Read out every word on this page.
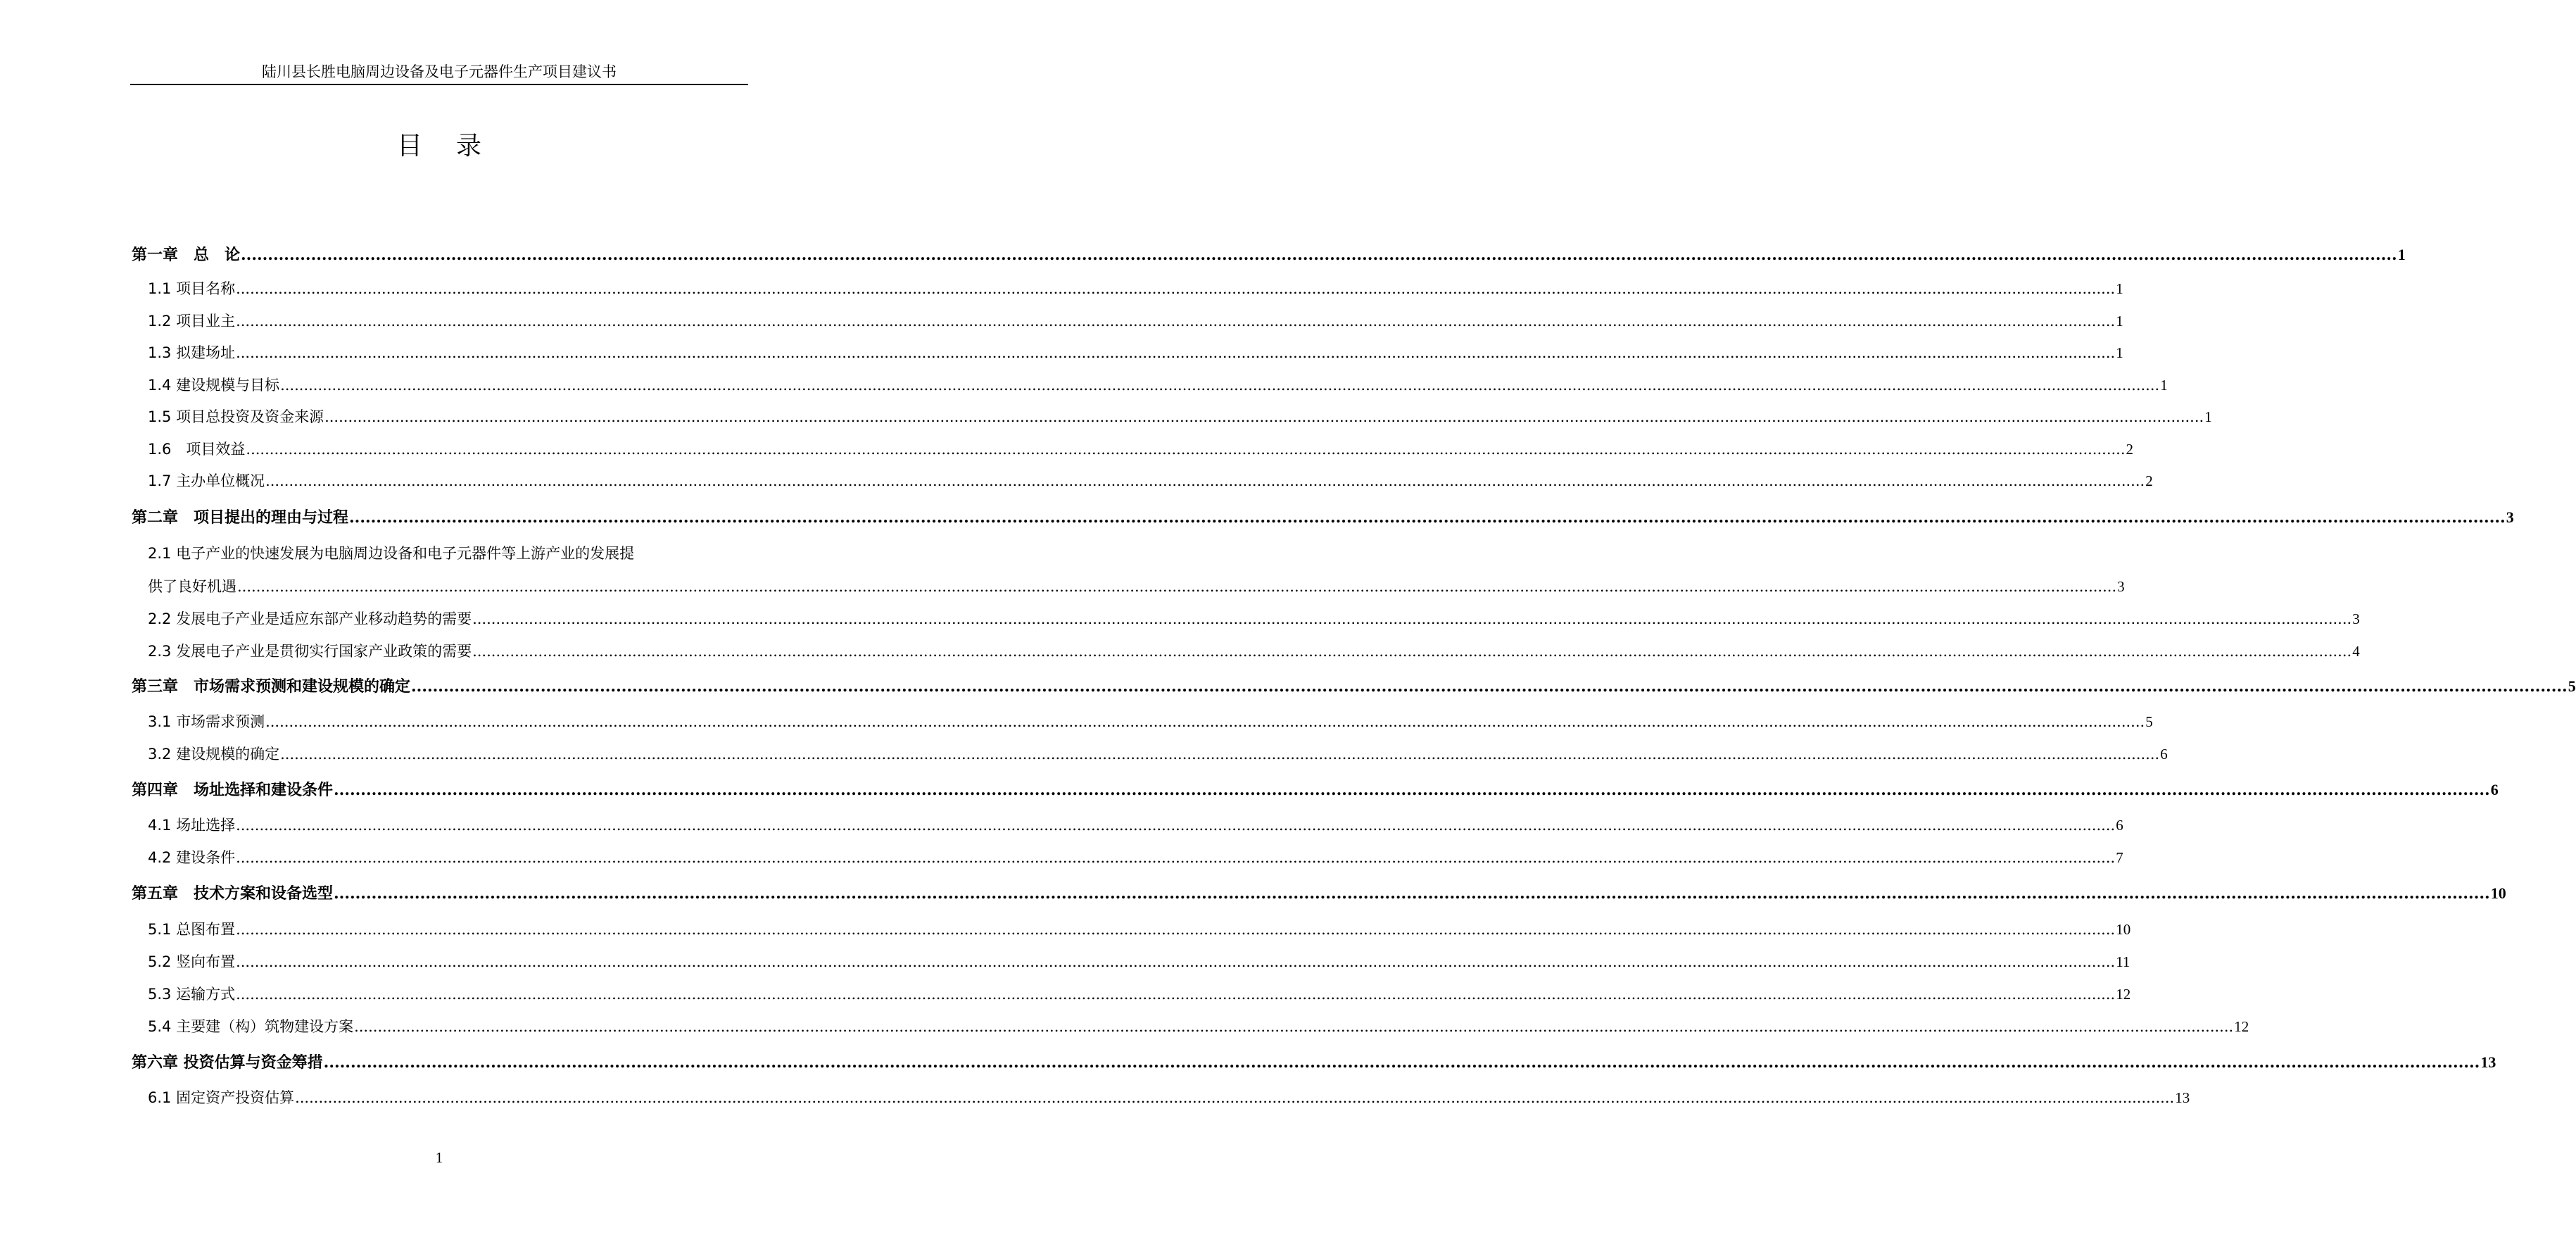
陆川县长胜电脑周边设备及电子元器件生产项目建议书
目录
第一章　总　论 ................................................................................................................................................................................................................................................................................................................................................................................................................ 1
1.1 项目名称 ................................................................................................................................................................................................................................................................................................................................................................................................................ 1
1.2 项目业主 ................................................................................................................................................................................................................................................................................................................................................................................................................ 1
1.3 拟建场址 ................................................................................................................................................................................................................................................................................................................................................................................................................ 1
1.4 建设规模与目标 ................................................................................................................................................................................................................................................................................................................................................................................................................ 1
1.5 项目总投资及资金来源 ................................................................................................................................................................................................................................................................................................................................................................................................................ 1
1.6　项目效益 ................................................................................................................................................................................................................................................................................................................................................................................................................ 2
1.7 主办单位概况 ................................................................................................................................................................................................................................................................................................................................................................................................................ 2
第二章　项目提出的理由与过程 ................................................................................................................................................................................................................................................................................................................................................................................................................ 3
2.1 电子产业的快速发展为电脑周边设备和电子元器件等上游产业的发展提
供了良好机遇 ................................................................................................................................................................................................................................................................................................................................................................................................................ 3
2.2 发展电子产业是适应东部产业移动趋势的需要 ................................................................................................................................................................................................................................................................................................................................................................................................................ 3
2.3 发展电子产业是贯彻实行国家产业政策的需要 ................................................................................................................................................................................................................................................................................................................................................................................................................ 4
第三章　市场需求预测和建设规模的确定 ................................................................................................................................................................................................................................................................................................................................................................................................................ 5
3.1 市场需求预测 ................................................................................................................................................................................................................................................................................................................................................................................................................ 5
3.2 建设规模的确定 ................................................................................................................................................................................................................................................................................................................................................................................................................ 6
第四章　场址选择和建设条件 ................................................................................................................................................................................................................................................................................................................................................................................................................ 6
4.1 场址选择 ................................................................................................................................................................................................................................................................................................................................................................................................................ 6
4.2 建设条件 ................................................................................................................................................................................................................................................................................................................................................................................................................ 7
第五章　技术方案和设备选型 ................................................................................................................................................................................................................................................................................................................................................................................................................ 10
5.1 总图布置 ................................................................................................................................................................................................................................................................................................................................................................................................................ 10
5.2 竖向布置 ................................................................................................................................................................................................................................................................................................................................................................................................................ 11
5.3 运输方式 ................................................................................................................................................................................................................................................................................................................................................................................................................ 12
5.4 主要建（构）筑物建设方案 ................................................................................................................................................................................................................................................................................................................................................................................................................ 12
第六章 投资估算与资金筹措 ................................................................................................................................................................................................................................................................................................................................................................................................................ 13
6.1 固定资产投资估算 ................................................................................................................................................................................................................................................................................................................................................................................................................ 13
1
